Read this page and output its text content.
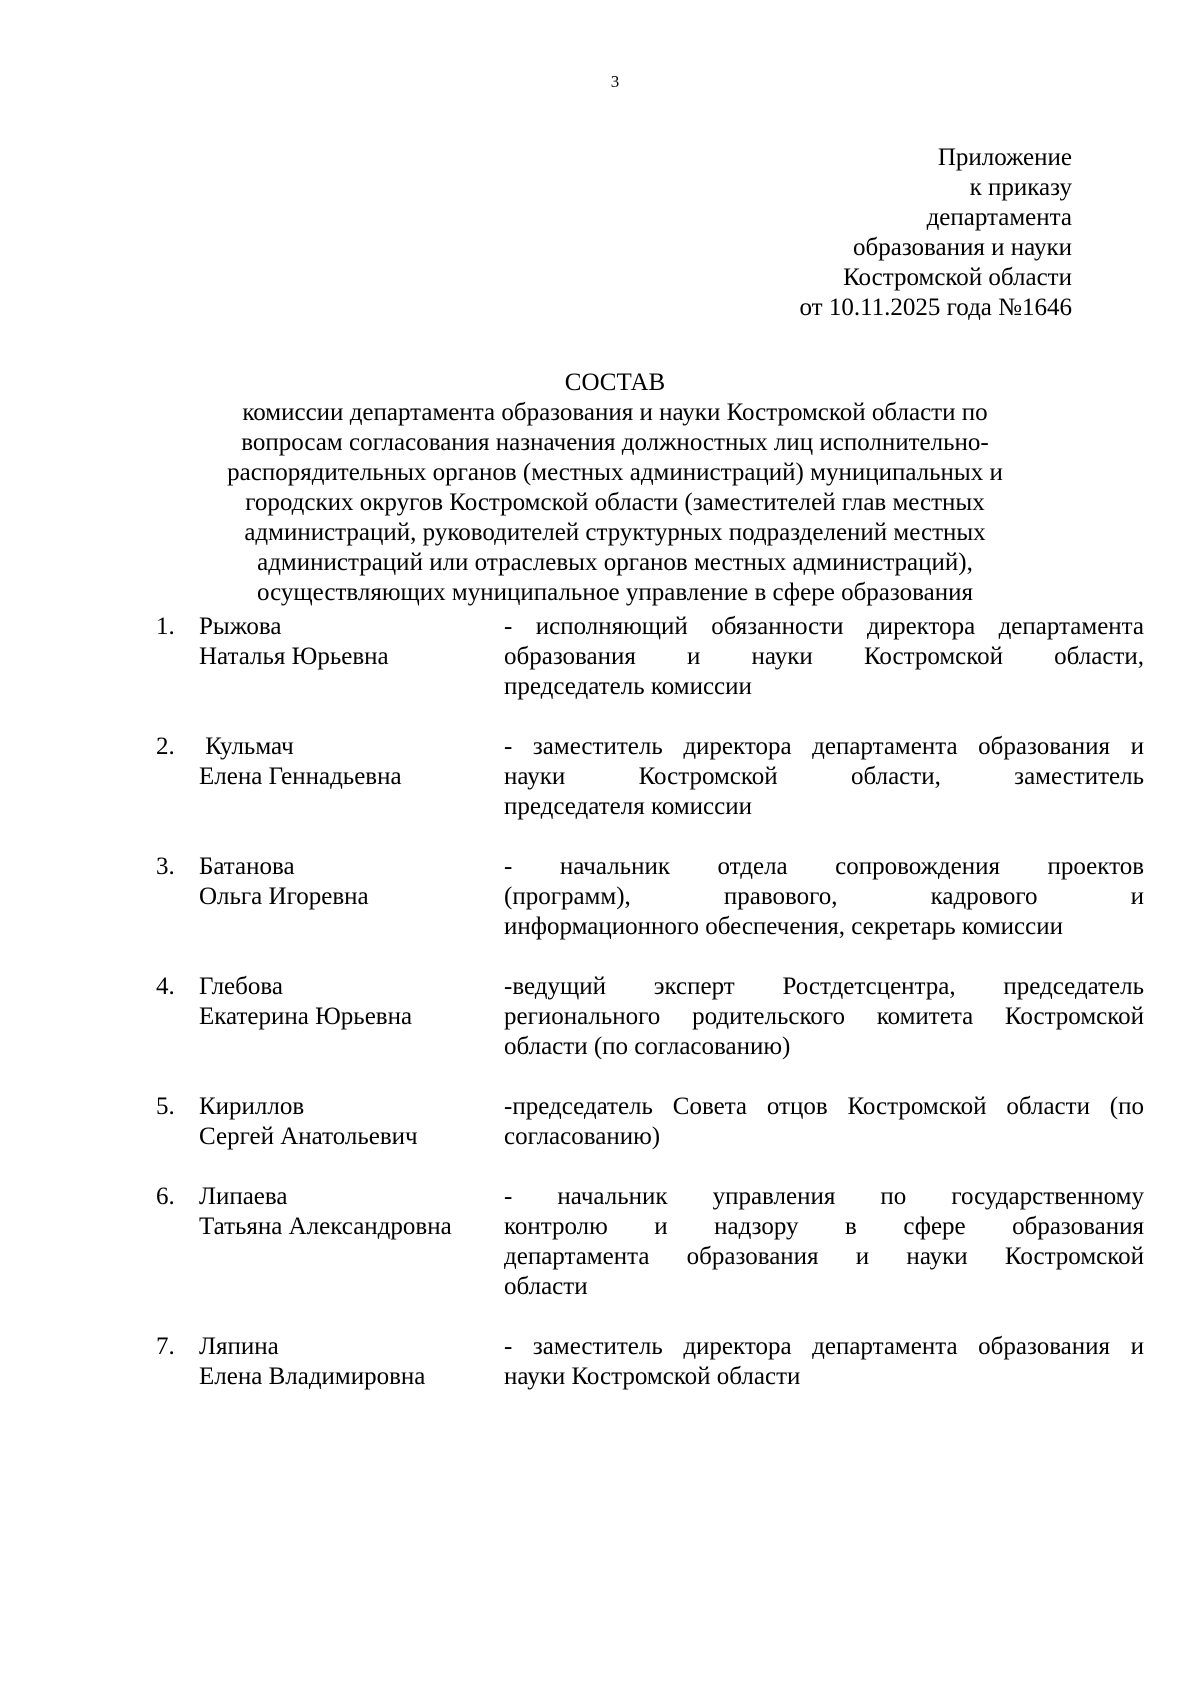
3
Приложение
к приказу
департамента
образования и науки
Костромской области
от 10.11.2025 года №1646
СОСТАВ
комиссии департамента образования и науки Костромской области по
вопросам согласования назначения должностных лиц исполнительно-
распорядительных органов (местных администраций) муниципальных и
городских округов Костромской области (заместителей глав местных
администраций, руководителей структурных подразделений местных
администраций или отраслевых органов местных администраций),
осуществляющих муниципальное управление в сфере образования
1. Рыжова
Наталья Юрьевна
- исполняющий обязанности директора департамента
образования и науки Костромской области,
председатель комиссии
2. Кульмач
Елена Геннадьевна
- заместитель директора департамента образования и
науки Костромской области, заместитель
председателя комиссии
3. Батанова
Ольга Игоревна
- начальник отдела сопровождения проектов
(программ), правового, кадрового и
информационного обеспечения, секретарь комиссии
4. Глебова
Екатерина Юрьевна
-ведущий эксперт Ростдетсцентра, председатель
регионального родительского комитета Костромской
области (по согласованию)
5. Кириллов
Сергей Анатольевич
-председатель Совета отцов Костромской области (по
согласованию)
6. Липаева
Татьяна Александровна
- начальник управления по государственному
контролю и надзору в сфере образования
департамента образования и науки Костромской
области
7. Ляпина
Елена Владимировна
- заместитель директора департамента образования и
науки Костромской области
